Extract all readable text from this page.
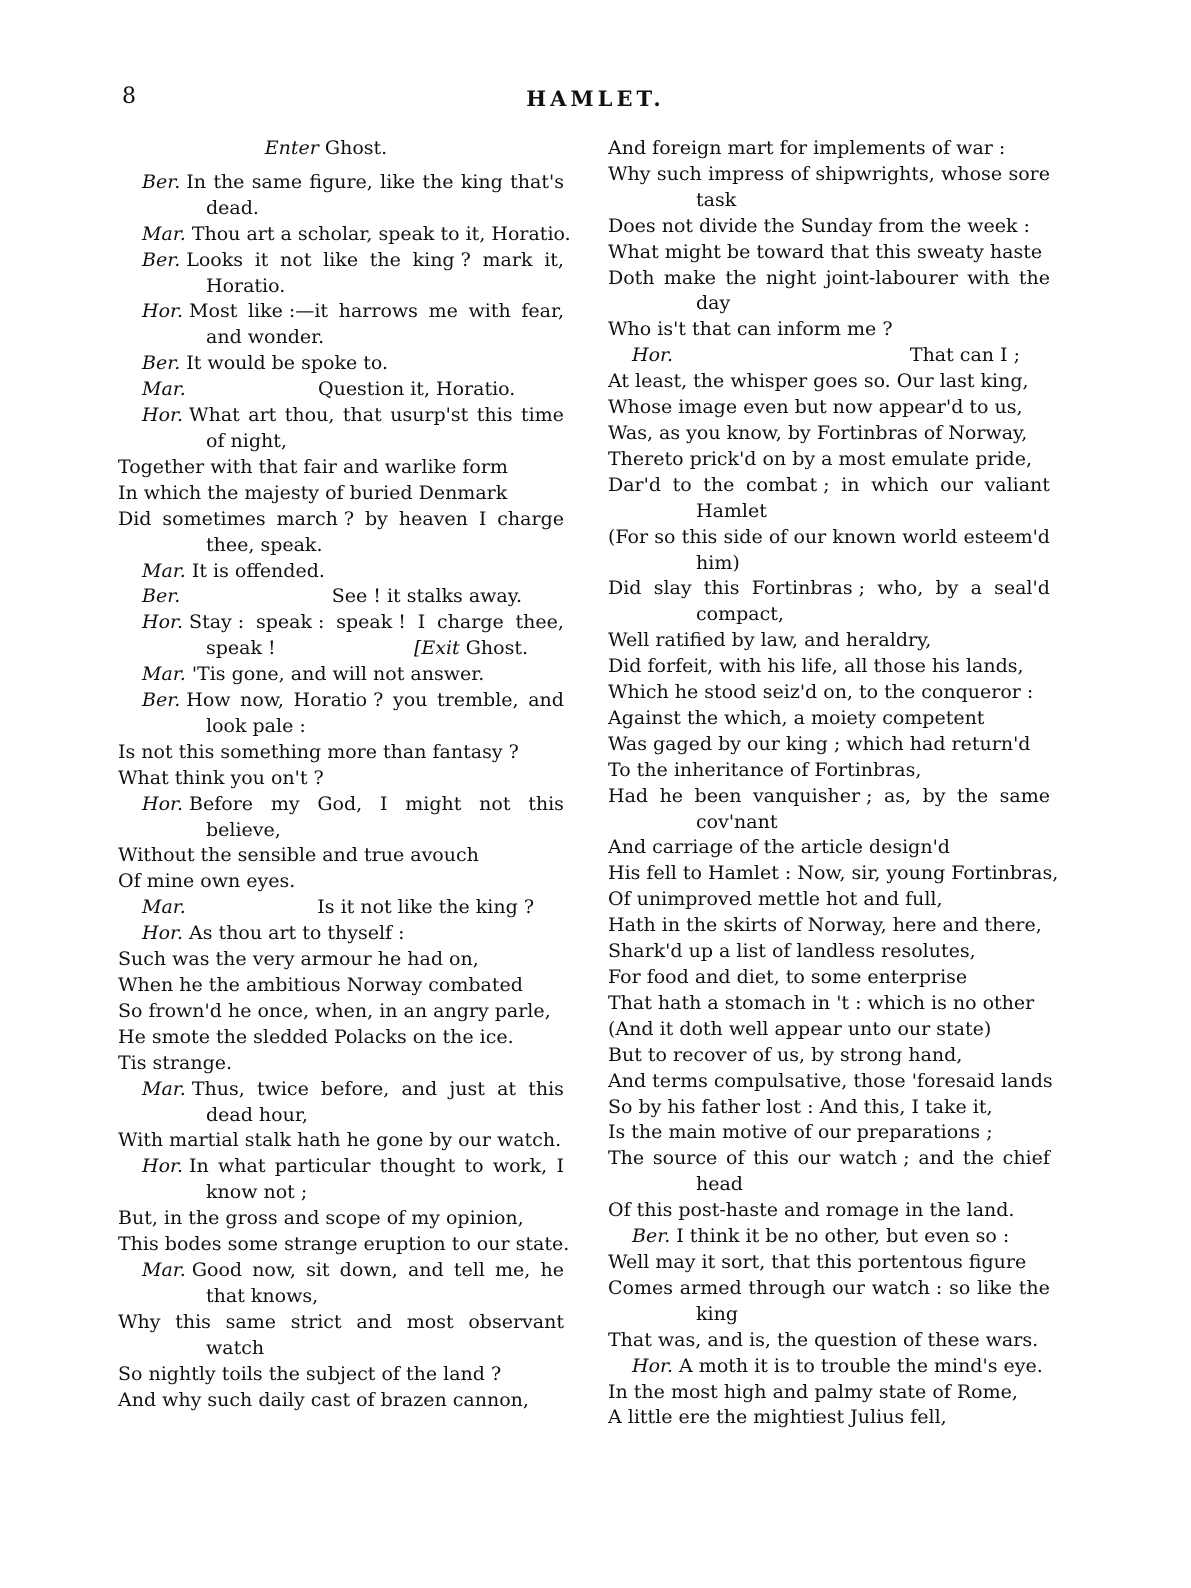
8	HAMLET.
Enter Ghost.
Ber. In the same figure, like the king that's
dead.
Mar. Thou art a scholar, speak to it, Horatio.
Ber. Looks it not like the king ? mark it,
Horatio.
Hor. Most like :—it harrows me with fear,
and wonder.
Ber. It would be spoke to.
Mar.	Question it, Horatio.
Hor. What art thou, that usurp'st this time
of night,
Together with that fair and warlike form
In which the majesty of buried Denmark
Did sometimes march ? by heaven I charge
thee, speak.
Mar. It is offended.
Ber.	See ! it stalks away.
Hor. Stay : speak : speak ! I charge thee,
speak !	[Exit Ghost.
Mar. 'Tis gone, and will not answer.
Ber. How now, Horatio ? you tremble, and
look pale :
Is not this something more than fantasy ?
What think you on't ?
Hor. Before my God, I might not this
believe,
Without the sensible and true avouch
Of mine own eyes.
Mar.	Is it not like the king ?
Hor. As thou art to thyself :
Such was the very armour he had on,
When he the ambitious Norway combated
So frown'd he once, when, in an angry parle,
He smote the sledded Polacks on the ice.
Tis strange.
Mar. Thus, twice before, and just at this
dead hour,
With martial stalk hath he gone by our watch.
Hor. In what particular thought to work, I
know not ;
But, in the gross and scope of my opinion,
This bodes some strange eruption to our state.
Mar. Good now, sit down, and tell me, he
that knows,
Why this same strict and most observant
watch
So nightly toils the subject of the land ?
And why such daily cast of brazen cannon,
And foreign mart for implements of war :
Why such impress of shipwrights, whose sore
task
Does not divide the Sunday from the week :
What might be toward that this sweaty haste
Doth make the night joint-labourer with the
day
Who is't that can inform me ?
Hor.	That can I ;
At least, the whisper goes so. Our last king,
Whose image even but now appear'd to us,
Was, as you know, by Fortinbras of Norway,
Thereto prick'd on by a most emulate pride,
Dar'd to the combat ; in which our valiant
Hamlet
(For so this side of our known world esteem'd
him)
Did slay this Fortinbras ; who, by a seal'd
compact,
Well ratified by law, and heraldry,
Did forfeit, with his life, all those his lands,
Which he stood seiz'd on, to the conqueror :
Against the which, a moiety competent
Was gaged by our king ; which had return'd
To the inheritance of Fortinbras,
Had he been vanquisher ; as, by the same
cov'nant
And carriage of the article design'd
His fell to Hamlet : Now, sir, young Fortinbras,
Of unimproved mettle hot and full,
Hath in the skirts of Norway, here and there,
Shark'd up a list of landless resolutes,
For food and diet, to some enterprise
That hath a stomach in 't : which is no other
(And it doth well appear unto our state)
But to recover of us, by strong hand,
And terms compulsative, those 'foresaid lands
So by his father lost : And this, I take it,
Is the main motive of our preparations ;
The source of this our watch ; and the chief
head
Of this post-haste and romage in the land.
Ber. I think it be no other, but even so :
Well may it sort, that this portentous figure
Comes armed through our watch : so like the
king
That was, and is, the question of these wars.
Hor. A moth it is to trouble the mind's eye.
In the most high and palmy state of Rome,
A little ere the mightiest Julius fell,
